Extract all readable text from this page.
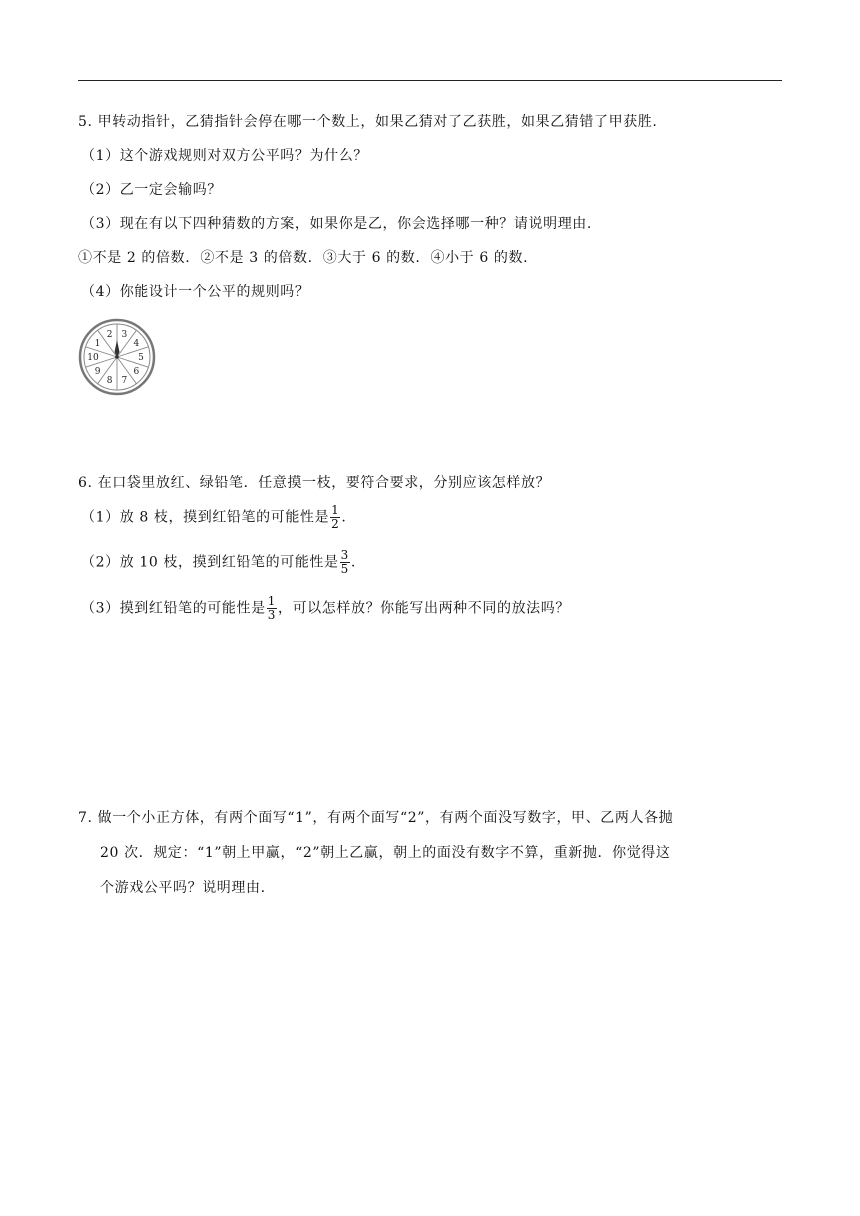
5. 甲转动指针，乙猜指针会停在哪一个数上，如果乙猜对了乙获胜，如果乙猜错了甲获胜.
（1）这个游戏规则对双方公平吗？为什么？
（2）乙一定会输吗？
（3）现在有以下四种猜数的方案，如果你是乙，你会选择哪一种？请说明理由.
①不是 2 的倍数.  ②不是 3 的倍数.  ③大于 6 的数.  ④小于 6 的数.
（4）你能设计一个公平的规则吗？
3
4
5
6
7
8
9
10
1
2
6. 在口袋里放红、绿铅笔．任意摸一枝，要符合要求，分别应该怎样放？
（1）放 8 枝，摸到红铅笔的可能性是 $\frac{1}{2}$ .
（2）放 10 枝，摸到红铅笔的可能性是 $\frac{3}{5}$ .
（3）摸到红铅笔的可能性是 $\frac{1}{3}$ ，可以怎样放？你能写出两种不同的放法吗？
7. 做一个小正方体，有两个面写“1”，有两个面写“2”，有两个面没写数字，甲、乙两人各抛
20 次．规定：“1”朝上甲赢，“2”朝上乙赢，朝上的面没有数字不算，重新抛．你觉得这
个游戏公平吗？说明理由.
